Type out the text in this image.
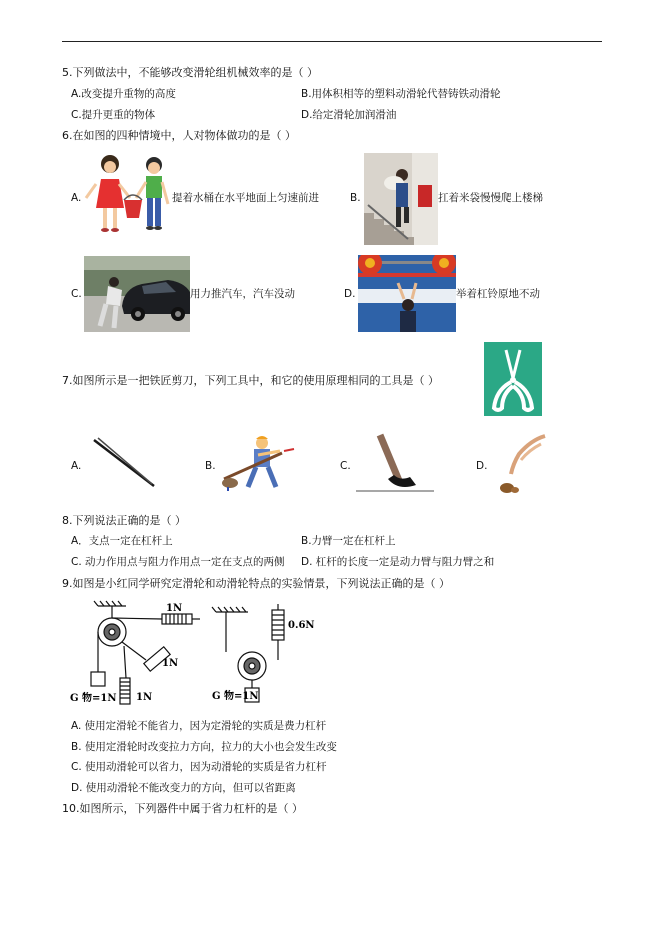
5.下列做法中，不能够改变滑轮组机械效率的是（ ）
A.改变提升重物的高度	B.用体积相等的塑料动滑轮代替铸铁动滑轮
C.提升更重的物体	D.给定滑轮加润滑油
6.在如图的四种情境中，人对物体做功的是（ ）
A.	提着水桶在水平地面上匀速前进	B.	扛着米袋慢慢爬上楼梯
C.	用力推汽车，汽车没动	D.	举着杠铃原地不动
7.如图所示是一把铁匠剪刀，下列工具中，和它的使用原理相同的工具是（ ）
A.	B.	C.	D.
8.下列说法正确的是（ ）
A．支点一定在杠杆上	B.力臂一定在杠杆上
C. 动力作用点与阻力作用点一定在支点的两侧 D. 杠杆的长度一定是动力臂与阻力臂之和
9.如图是小红同学研究定滑轮和动滑轮特点的实验情景，下列说法正确的是（ ）
1N
1N
1N
G 物=1N
0.6N
G 物=1N
A. 使用定滑轮不能省力，因为定滑轮的实质是费力杠杆
B. 使用定滑轮时改变拉力方向，拉力的大小也会发生改变
C. 使用动滑轮可以省力，因为动滑轮的实质是省力杠杆
D. 使用动滑轮不能改变力的方向，但可以省距离
10.如图所示，下列器件中属于省力杠杆的是（ ）
